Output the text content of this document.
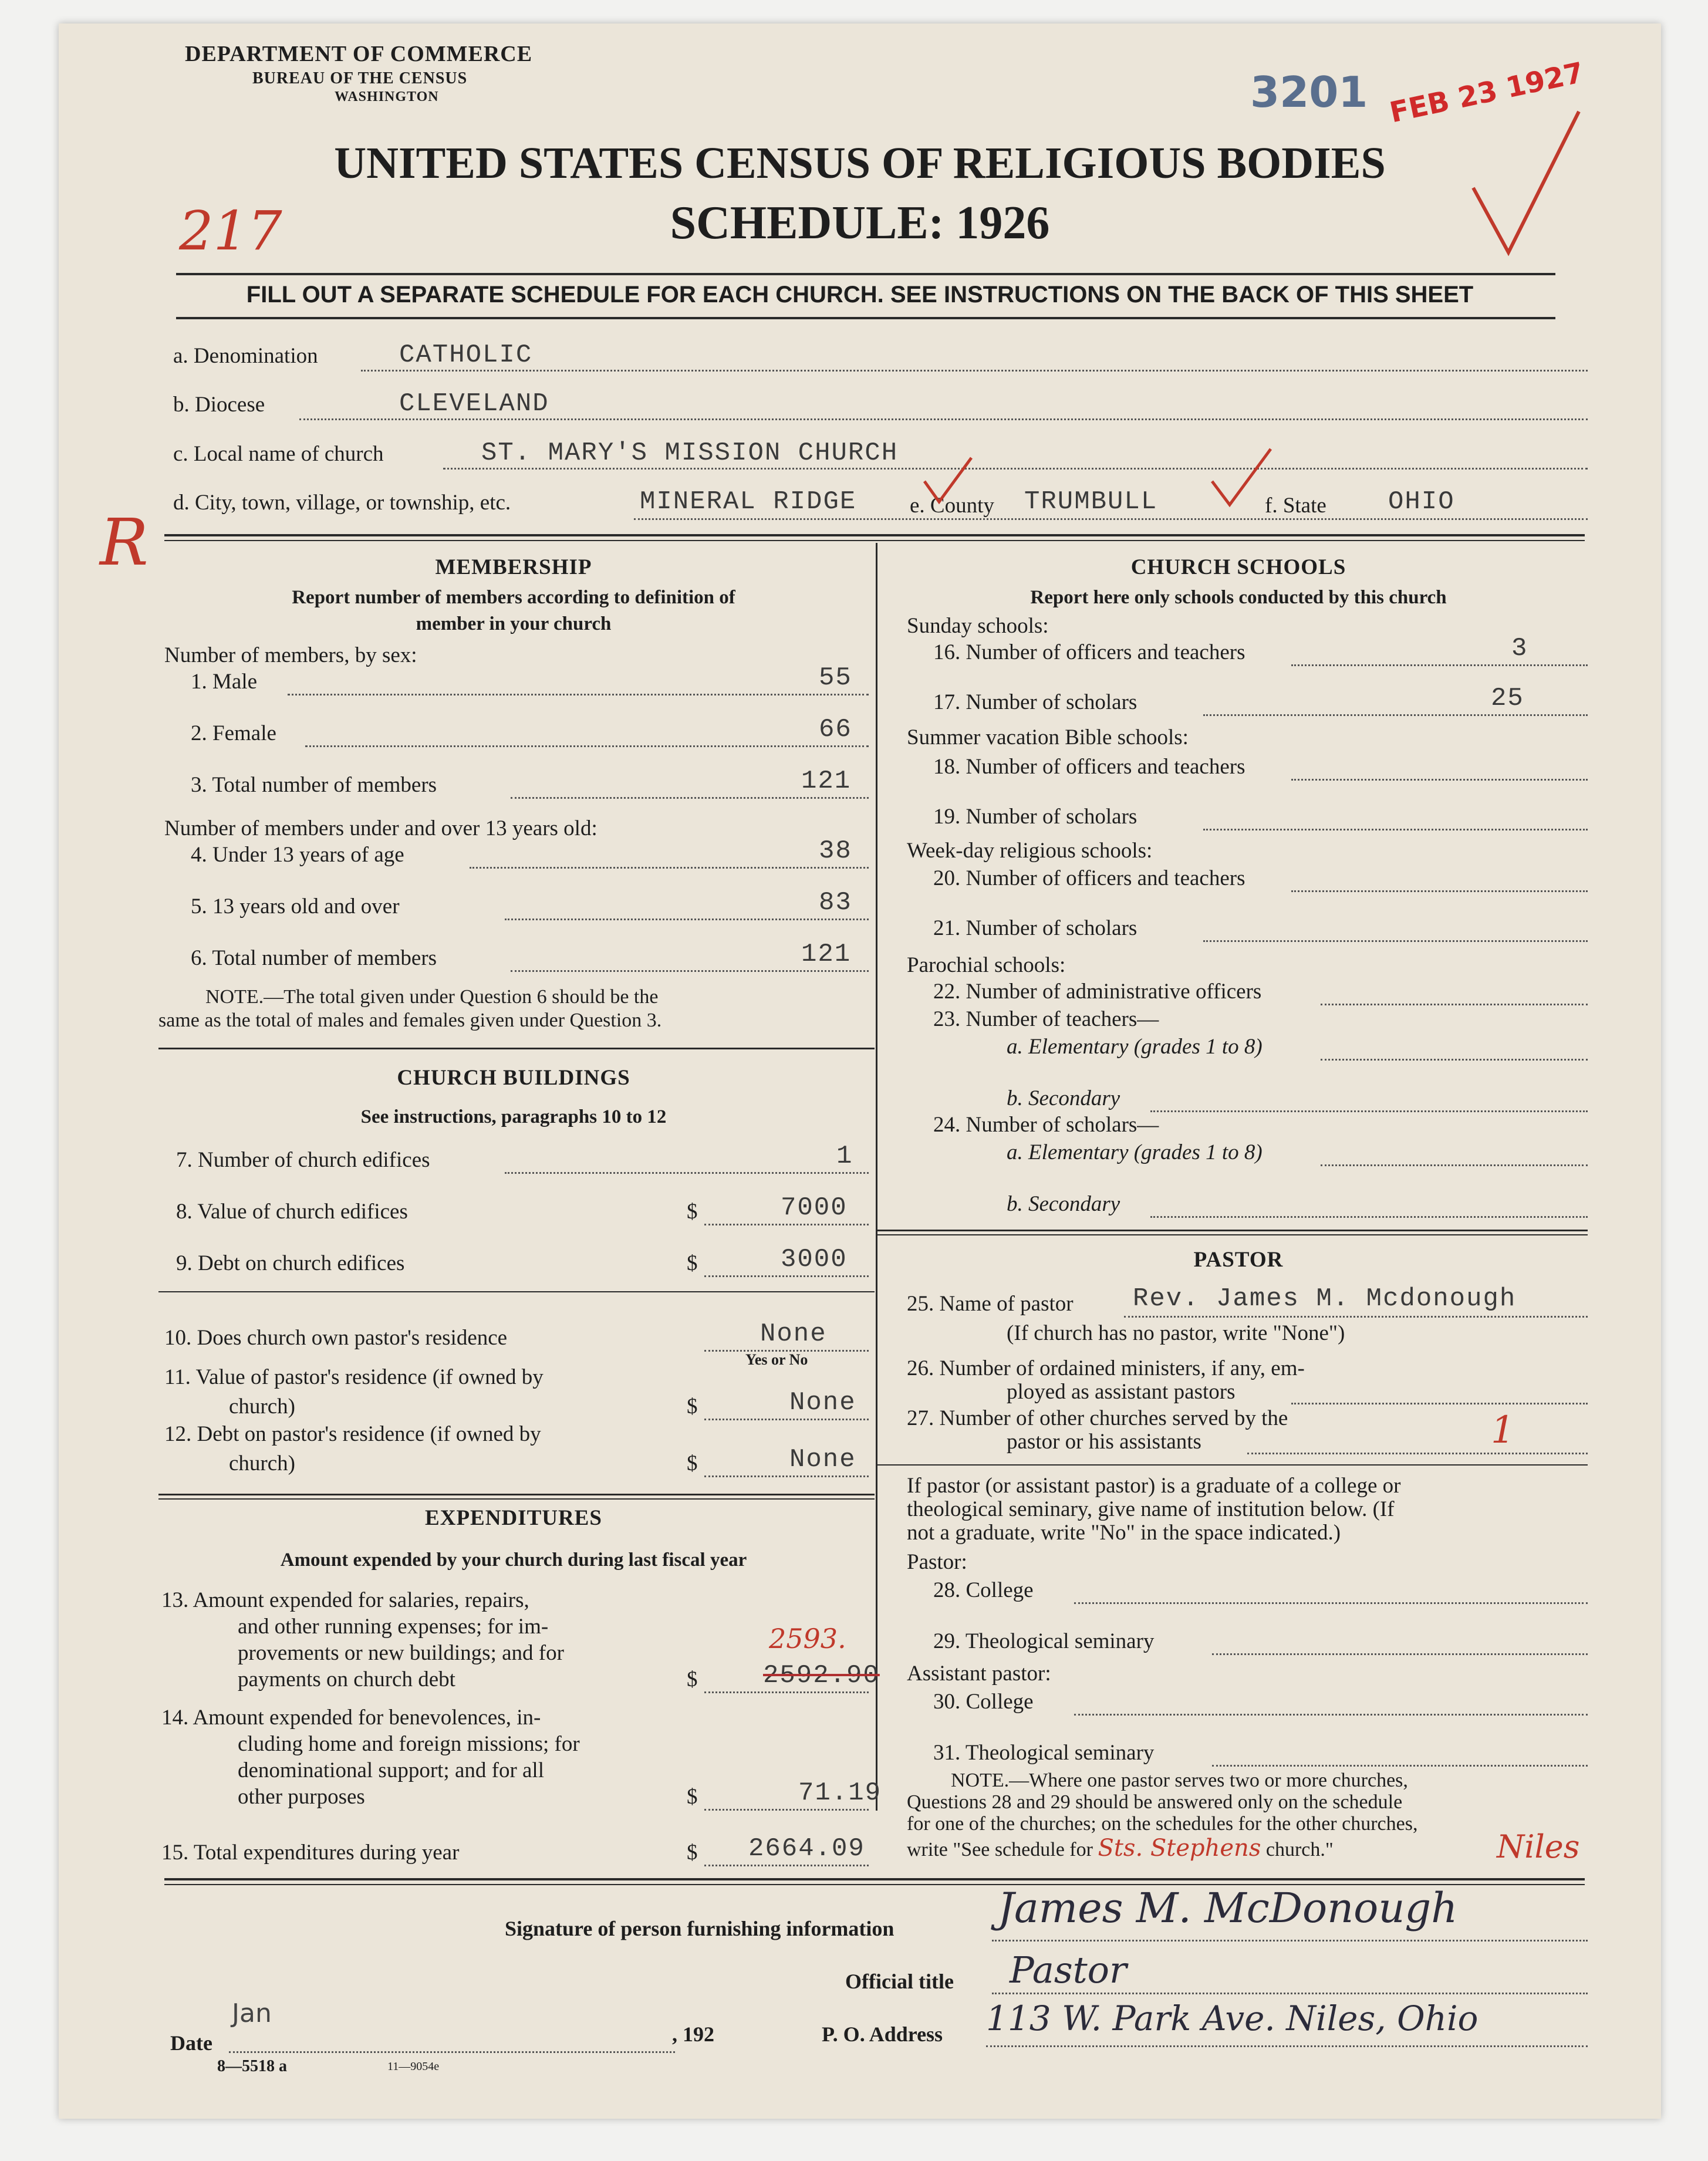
DEPARTMENT OF COMMERCE
BUREAU OF THE CENSUS
WASHINGTON	3201 FEB 23 1927
UNITED STATES CENSUS OF RELIGIOUS BODIES
SCHEDULE: 1926
217
FILL OUT A SEPARATE SCHEDULE FOR EACH CHURCH. SEE INSTRUCTIONS ON THE BACK OF THIS SHEET
a. Denomination	CATHOLIC
b. Diocese	CLEVELAND
c. Local name of church	ST. MARY'S MISSION CHURCH
d. City, town, village, or township, etc.	MINERAL RIDGE e. County TRUMBULL	f. State OHIO
R	MEMBERSHIP
Report number of members according to definition of
member in your church
Number of members, by sex:
1. Male	55
2. Female	66
3. Total number of members	121
Number of members under and over 13 years old:
4. Under 13 years of age	38
5. 13 years old and over	83
6. Total number of members	121
NOTE.—The total given under Question 6 should be the
same as the total of males and females given under Question 3.
CHURCH BUILDINGS
See instructions, paragraphs 10 to 12
7. Number of church edifices	1
8. Value of church edifices	$	7000
9. Debt on church edifices	$	3000
10. Does church own pastor's residence	None
Yes or No
11. Value of pastor's residence (if owned by
church)	$	None
12. Debt on pastor's residence (if owned by
church)	$	None
EXPENDITURES
Amount expended by your church during last fiscal year
13. Amount expended for salaries, repairs,
and other running expenses; for im-
provements or new buildings; and for
payments on church debt	$	2592.90
2593.
14. Amount expended for benevolences, in-
cluding home and foreign missions; for
denominational support; and for all
other purposes	$	71.19
15. Total expenditures during year	$ 2664.09
CHURCH SCHOOLS
Report here only schools conducted by this church
Sunday schools:
16. Number of officers and teachers	3
17. Number of scholars	25
Summer vacation Bible schools:
18. Number of officers and teachers
19. Number of scholars
Week-day religious schools:
20. Number of officers and teachers
21. Number of scholars
Parochial schools:
22. Number of administrative officers
23. Number of teachers—
a. Elementary (grades 1 to 8)
b. Secondary
24. Number of scholars—
a. Elementary (grades 1 to 8)
b. Secondary
PASTOR
25. Name of pastor Rev. James M. Mcdonough
(If church has no pastor, write "None")
26. Number of ordained ministers, if any, em-
ployed as assistant pastors
27. Number of other churches served by the
pastor or his assistants	1
If pastor (or assistant pastor) is a graduate of a college or
theological seminary, give name of institution below. (If
not a graduate, write "No" in the space indicated.)
Pastor:
28. College
29. Theological seminary
Assistant pastor:
30. College
31. Theological seminary
NOTE.—Where one pastor serves two or more churches,
Questions 28 and 29 should be answered only on the schedule
for one of the churches; on the schedules for the other churches,
write "See schedule for Sts. Stephens church."	Niles
Signature of person furnishing information	James M. McDonough
Official title Pastor
Date
Jan
, 192	P. O. Address 113 W. Park Ave. Niles, Ohio
8—5518 a	11—9054e
